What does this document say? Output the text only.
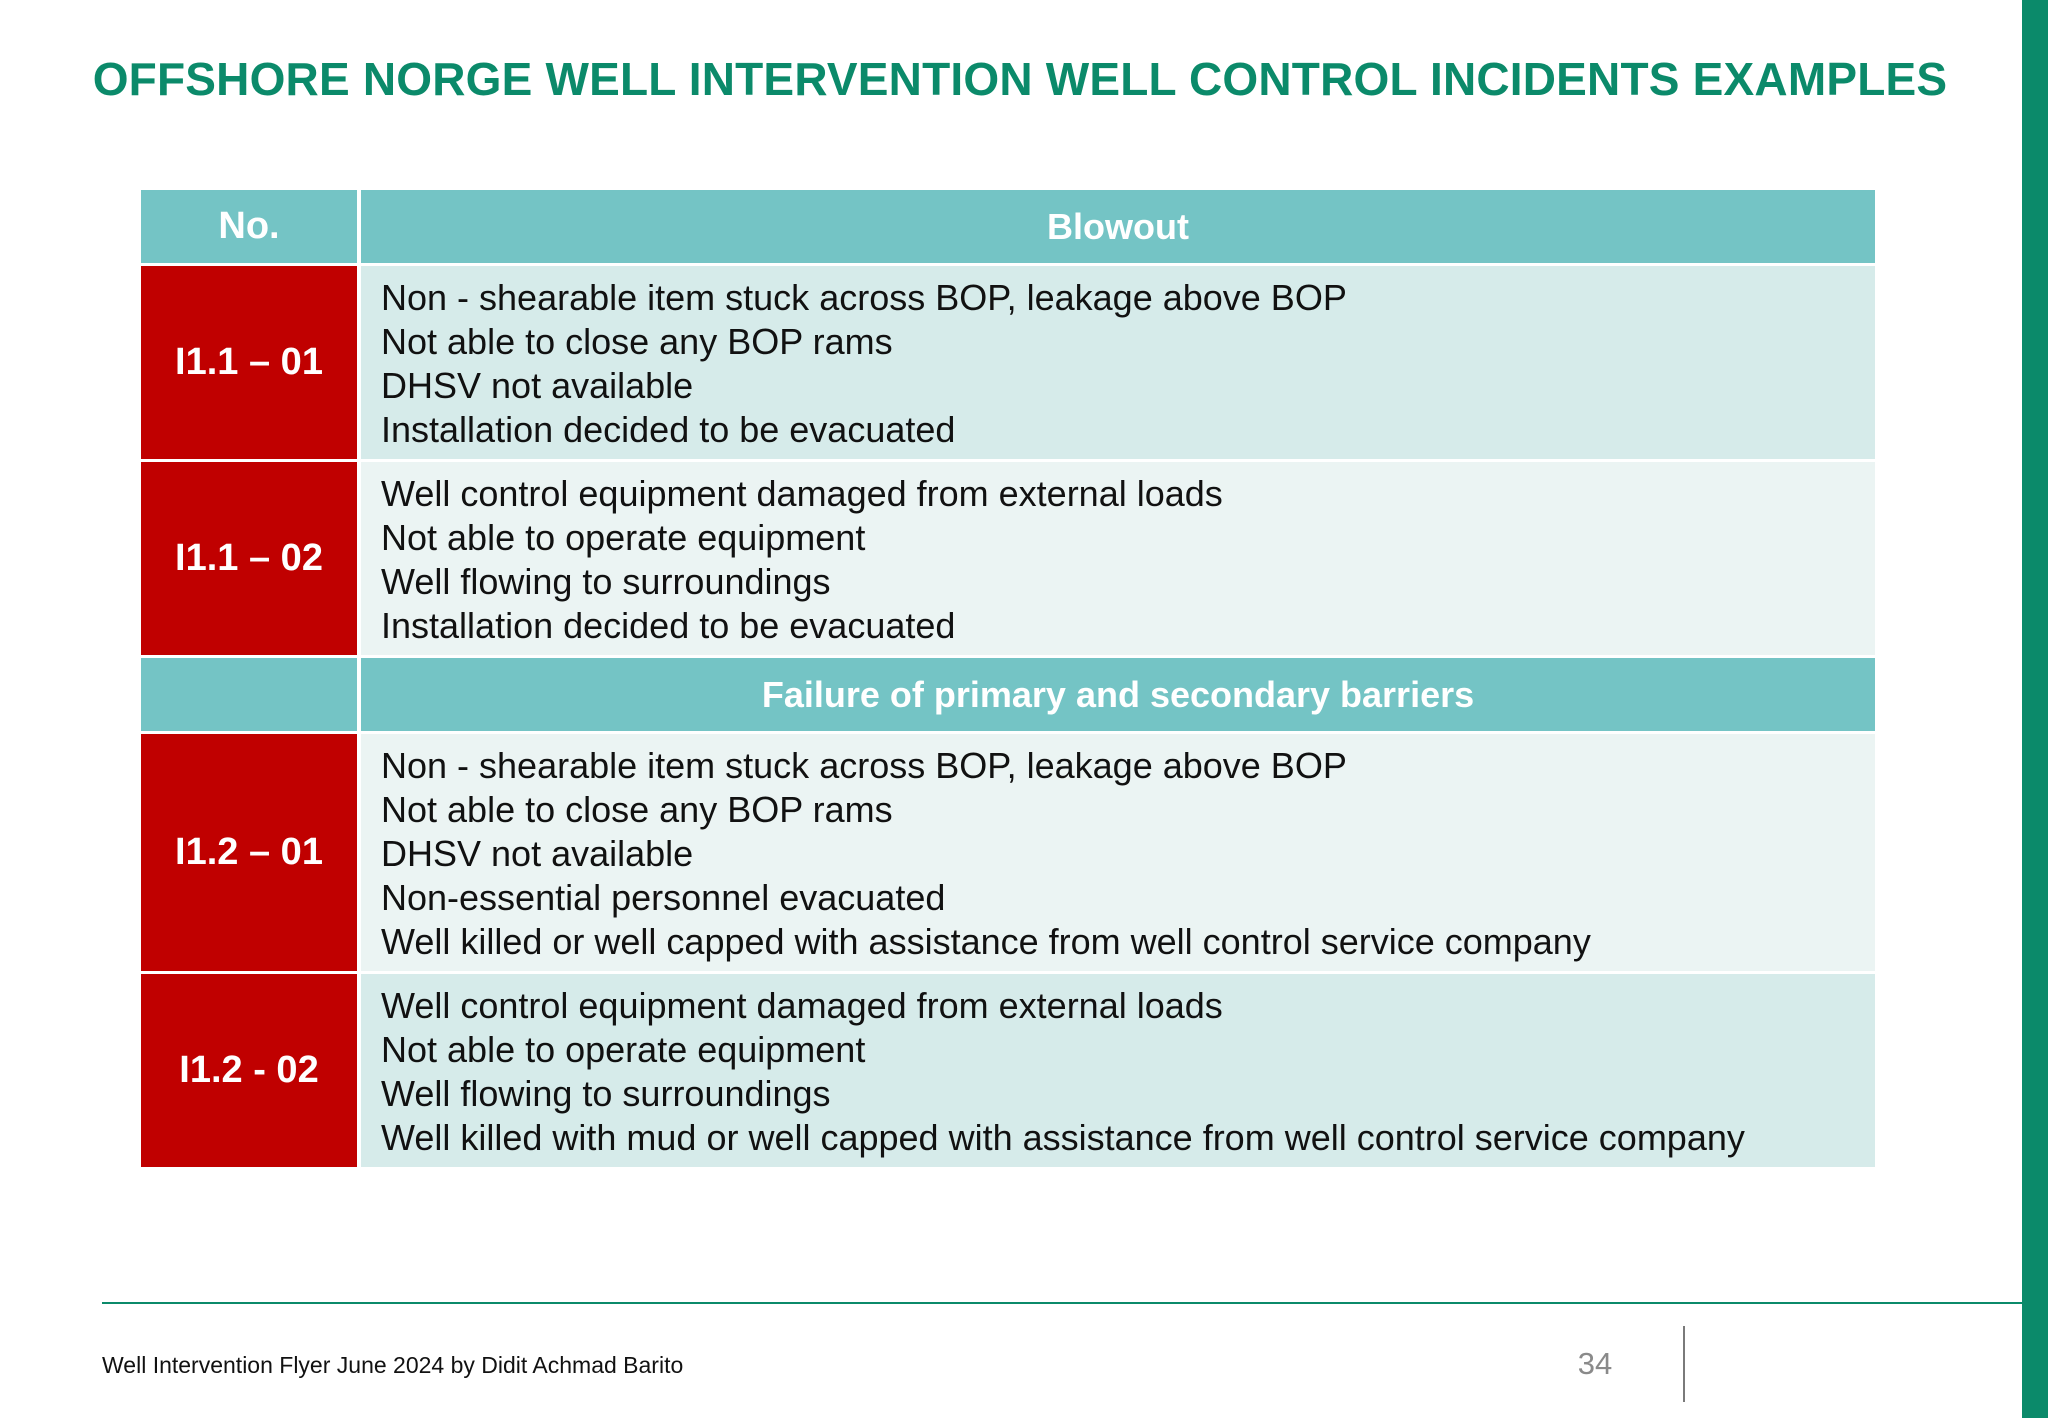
OFFSHORE NORGE WELL INTERVENTION WELL CONTROL INCIDENTS EXAMPLES
No.	Blowout
I1.1 – 01
Non - shearable item stuck across BOP, leakage above BOP
Not able to close any BOP rams
DHSV not available
Installation decided to be evacuated
I1.1 – 02
Well control equipment damaged from external loads
Not able to operate equipment
Well flowing to surroundings
Installation decided to be evacuated
Failure of primary and secondary barriers
I1.2 – 01
Non - shearable item stuck across BOP, leakage above BOP
Not able to close any BOP rams
DHSV not available
Non-essential personnel evacuated
Well killed or well capped with assistance from well control service company
I1.2 - 02
Well control equipment damaged from external loads
Not able to operate equipment
Well flowing to surroundings
Well killed with mud or well capped with assistance from well control service company
Well Intervention Flyer June 2024 by Didit Achmad Barito	34
